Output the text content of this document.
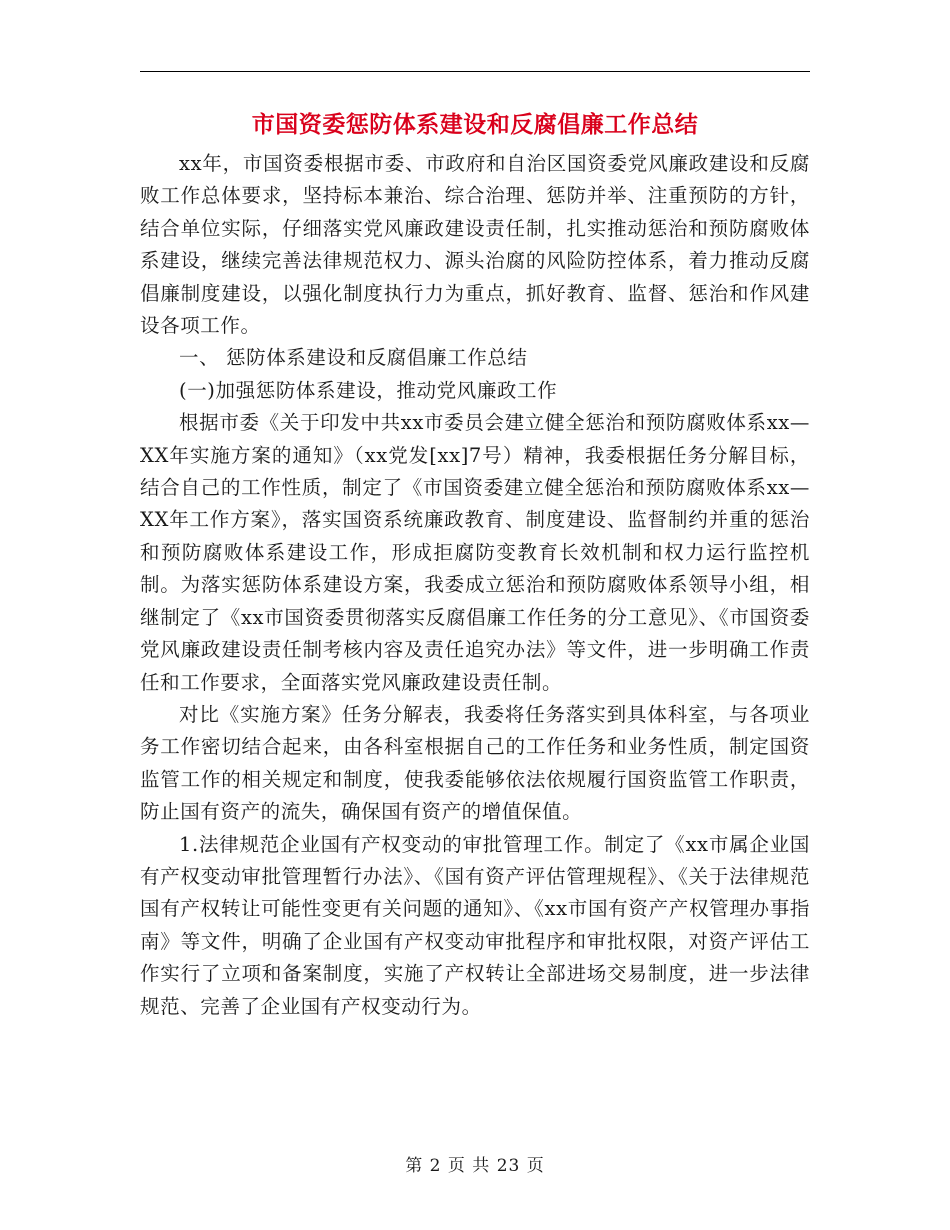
市国资委惩防体系建设和反腐倡廉工作总结

xx年，市国资委根据市委、市政府和自治区国资委党风廉政建设和反腐败工作总体要求，坚持标本兼治、综合治理、惩防并举、注重预防的方针，结合单位实际，仔细落实党风廉政建设责任制，扎实推动惩治和预防腐败体系建设，继续完善法律规范权力、源头治腐的风险防控体系，着力推动反腐倡廉制度建设，以强化制度执行力为重点，抓好教育、监督、惩治和作风建设各项工作。

一、 惩防体系建设和反腐倡廉工作总结

(一)加强惩防体系建设，推动党风廉政工作

根据市委《关于印发中共xx市委员会建立健全惩治和预防腐败体系xx—XX年实施方案的通知》（xx党发[xx]7号）精神，我委根据任务分解目标，结合自己的工作性质，制定了《市国资委建立健全惩治和预防腐败体系xx—XX年工作方案》，落实国资系统廉政教育、制度建设、监督制约并重的惩治和预防腐败体系建设工作，形成拒腐防变教育长效机制和权力运行监控机制。为落实惩防体系建设方案，我委成立惩治和预防腐败体系领导小组，相继制定了《xx市国资委贯彻落实反腐倡廉工作任务的分工意见》、《市国资委党风廉政建设责任制考核内容及责任追究办法》等文件，进一步明确工作责任和工作要求，全面落实党风廉政建设责任制。

对比《实施方案》任务分解表，我委将任务落实到具体科室，与各项业务工作密切结合起来，由各科室根据自己的工作任务和业务性质，制定国资监管工作的相关规定和制度，使我委能够依法依规履行国资监管工作职责，防止国有资产的流失，确保国有资产的增值保值。

1.法律规范企业国有产权变动的审批管理工作。制定了《xx市属企业国有产权变动审批管理暂行办法》、《国有资产评估管理规程》、《关于法律规范国有产权转让可能性变更有关问题的通知》、《xx市国有资产产权管理办事指南》等文件，明确了企业国有产权变动审批程序和审批权限，对资产评估工作实行了立项和备案制度，实施了产权转让全部进场交易制度，进一步法律规范、完善了企业国有产权变动行为。

第 2 页 共 23 页
